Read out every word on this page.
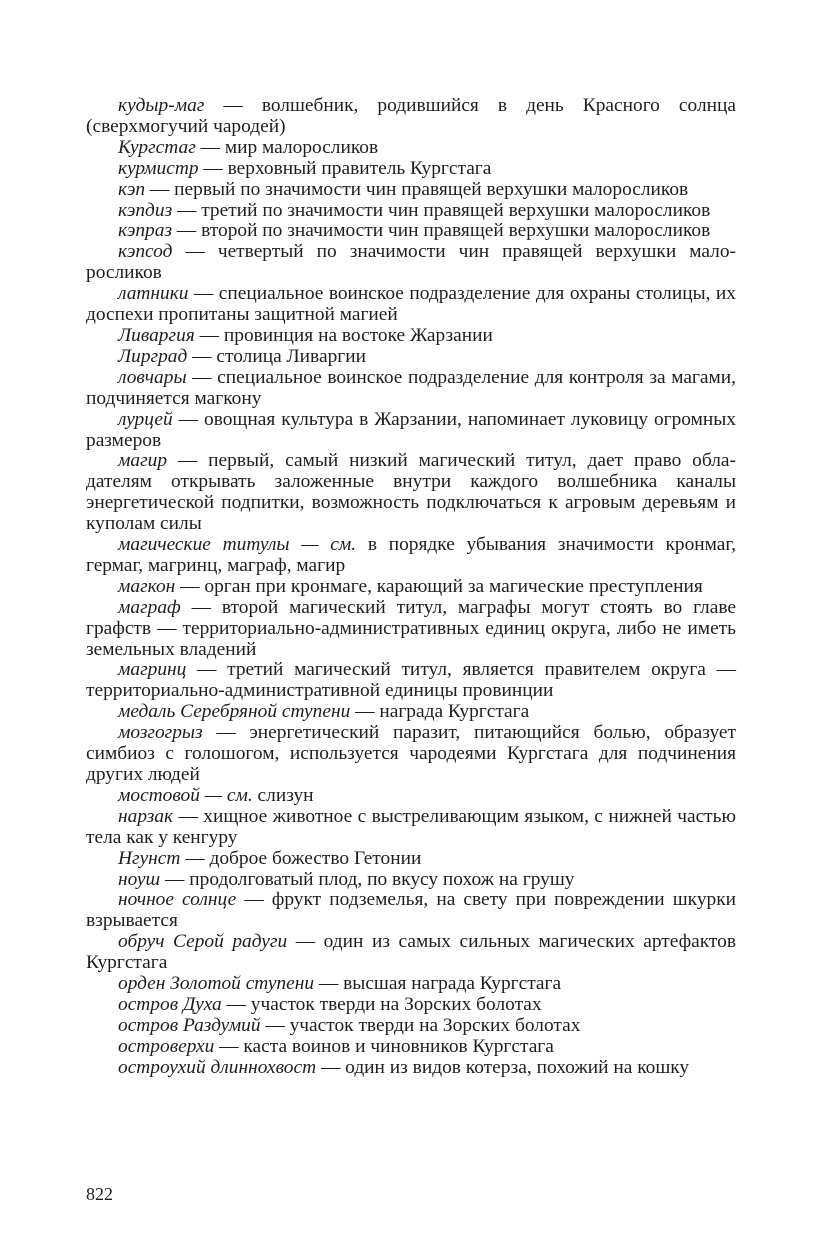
кудыр-маг — волшебник, родившийся в день Красного солнца (сверхмогучий чародей)
Кургстаг — мир малоросликов
курмистр — верховный правитель Кургстага
кэп — первый по значимости чин правящей верхушки малоросликов
кэпдиз — третий по значимости чин правящей верхушки малоросликов
кэпраз — второй по значимости чин правящей верхушки малоросликов
кэпсод — четвертый по значимости чин правящей верхушки малоросликов
латники — специальное воинское подразделение для охраны столицы, их доспехи пропитаны защитной магией
Ливаргия — провинция на востоке Жарзании
Лирград — столица Ливаргии
ловчары — специальное воинское подразделение для контроля за магами, подчиняется магкону
лурцей — овощная культура в Жарзании, напоминает луковицу огромных размеров
магир — первый, самый низкий магический титул, дает право обладателям открывать заложенные внутри каждого волшебника каналы энергетической подпитки, возможность подключаться к агровым деревьям и куполам силы
магические титулы — см. в порядке убывания значимости кронмаг, гермаг, магринц, маграф, магир
магкон — орган при кронмаге, карающий за магические преступления
маграф — второй магический титул, маграфы могут стоять во главе графств — территориально-административных единиц округа, либо не иметь земельных владений
магринц — третий магический титул, является правителем округа — территориально-административной единицы провинции
медаль Серебряной ступени — награда Кургстага
мозгогрыз — энергетический паразит, питающийся болью, образует симбиоз с голошогом, используется чародеями Кургстага для подчинения других людей
мостовой — см. слизун
нарзак — хищное животное с выстреливающим языком, с нижней частью тела как у кенгуру
Нгунст — доброе божество Гетонии
ноуш — продолговатый плод, по вкусу похож на грушу
ночное солнце — фрукт подземелья, на свету при повреждении шкурки взрывается
обруч Серой радуги — один из самых сильных магических артефактов Кургстага
орден Золотой ступени — высшая награда Кургстага
остров Духа — участок тверди на Зорских болотах
остров Раздумий — участок тверди на Зорских болотах
островерхи — каста воинов и чиновников Кургстага
остроухий длиннохвост — один из видов котерза, похожий на кошку
822
